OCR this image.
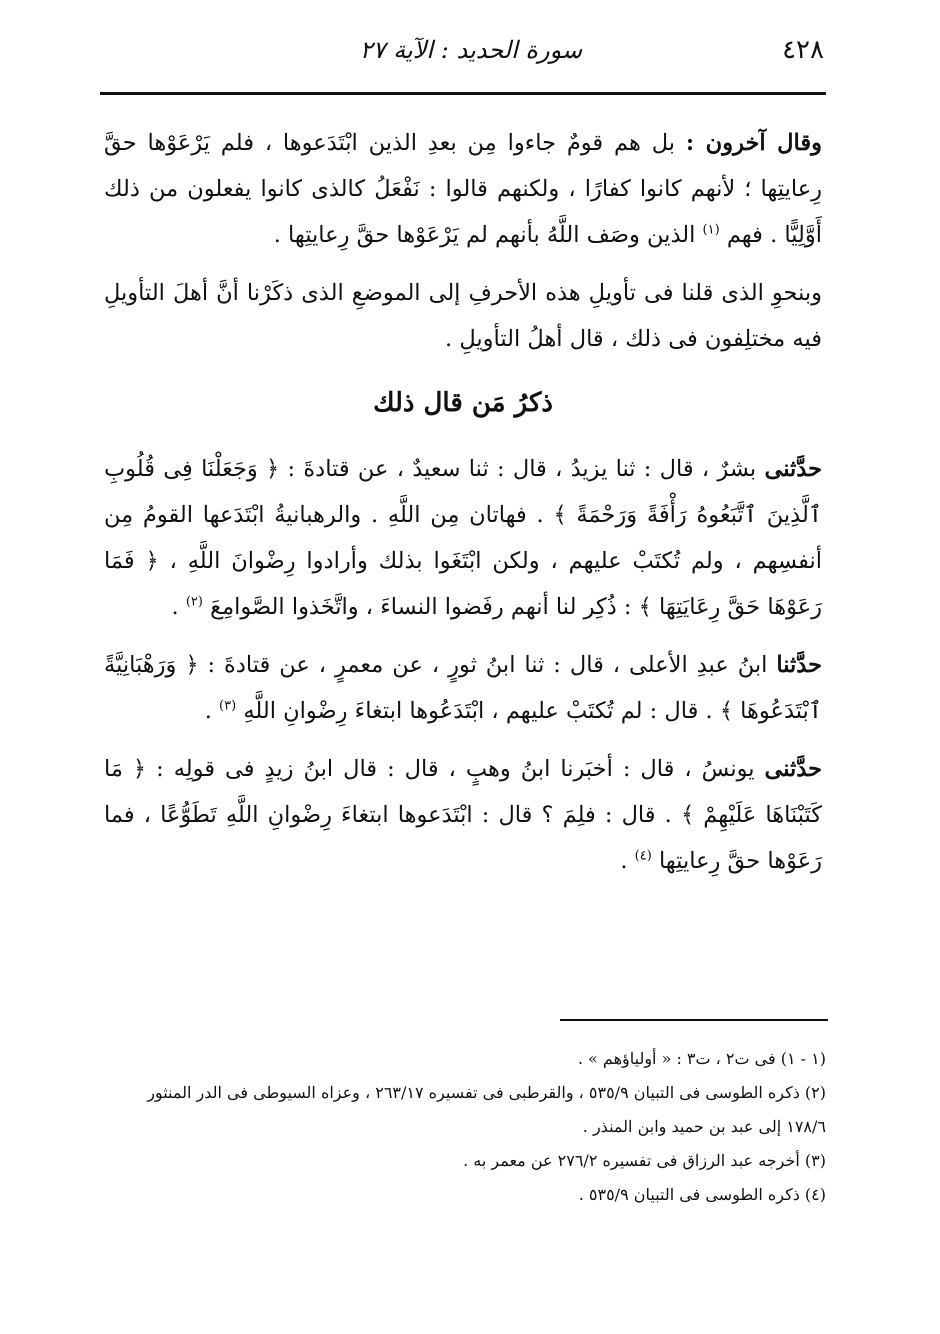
٤٢٨
سورة الحديد : الآية ٢٧

وقال آخرون : بل هم قومٌ جاءوا مِن بعدِ الذين ابْتَدَعوها ، فلم يَرْعَوْها حقَّ رِعايتِها ؛ لأنهم كانوا كفارًا ، ولكنهم قالوا : نَفْعَلُ كالذى كانوا يفعلون من ذلك أَوَّلِيًّا . فهم $^{(١)}$ الذين وصَف اللَّهُ بأنهم لم يَرْعَوْها حقَّ رِعايتِها .

وبنحوِ الذى قلنا فى تأويلِ هذه الأحرفِ إلى الموضعِ الذى ذكَرْنا أنَّ أهلَ التأويلِ فيه مختلِفون فى ذلك ، قال أهلُ التأويلِ .

ذكرُ مَن قال ذلك

حدَّثنى بشرٌ ، قال : ثنا يزيدُ ، قال : ثنا سعيدٌ ، عن قتادةَ : ﴿ وَجَعَلْنَا فِى قُلُوبِ ٱلَّذِينَ ٱتَّبَعُوهُ رَأْفَةً وَرَحْمَةً ﴾ . فهاتان مِن اللَّهِ . والرهبانيةُ ابْتَدَعها القومُ مِن أنفسِهم ، ولم تُكتَبْ عليهم ، ولكن ابْتَغَوا بذلك وأرادوا رِضْوانَ اللَّهِ ، ﴿ فَمَا رَعَوْهَا حَقَّ رِعَايَتِهَا ﴾ : ذُكِر لنا أنهم رفَضوا النساءَ ، واتَّخَذوا الصَّوامِعَ $^{(٢)}$ .

حدَّثنا ابنُ عبدِ الأعلى ، قال : ثنا ابنُ ثورٍ ، عن معمرٍ ، عن قتادةَ : ﴿ وَرَهْبَانِيَّةً ٱبْتَدَعُوهَا ﴾ . قال : لم تُكتَبْ عليهم ، ابْتَدَعُوها ابتغاءَ رِضْوانِ اللَّهِ $^{(٣)}$ .

حدَّثنى يونسُ ، قال : أخبَرنا ابنُ وهبٍ ، قال : قال ابنُ زيدٍ فى قولِه : ﴿ مَا كَتَبْنَاهَا عَلَيْهِمْ ﴾ . قال : فلِمَ ؟ قال : ابْتَدَعوها ابتغاءَ رِضْوانِ اللَّهِ تَطَوُّعًا ، فما رَعَوْها حقَّ رِعايتِها $^{(٤)}$ .

(١ - ١) فى ت٢ ، ت٣ : « أولياؤهم » .

(٢) ذكره الطوسى فى التبيان ٥٣٥/٩ ، والقرطبى فى تفسيره ٢٦٣/١٧ ، وعزاه السيوطى فى الدر المنثور ١٧٨/٦ إلى عبد بن حميد وابن المنذر .

(٣) أخرجه عبد الرزاق فى تفسيره ٢٧٦/٢ عن معمر به .

(٤) ذكره الطوسى فى التبيان ٥٣٥/٩ .
